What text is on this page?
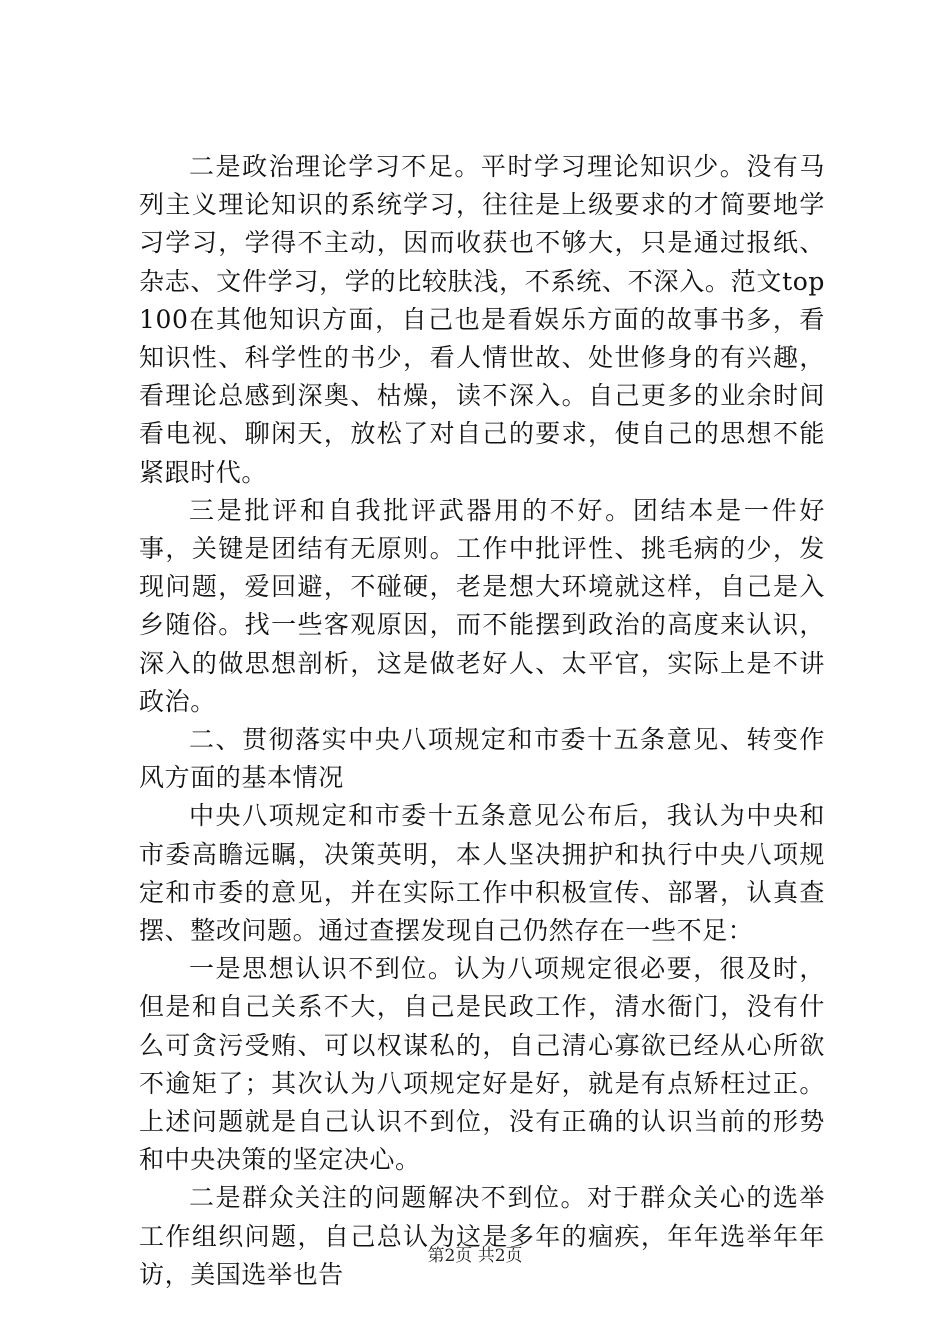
二是政治理论学习不足。平时学习理论知识少。没有马列主义理论知识的系统学习，往往是上级要求的才简要地学习学习，学得不主动，因而收获也不够大，只是通过报纸、杂志、文件学习，学的比较肤浅，不系统、不深入。范文top100在其他知识方面，自己也是看娱乐方面的故事书多，看知识性、科学性的书少，看人情世故、处世修身的有兴趣，看理论总感到深奥、枯燥，读不深入。自己更多的业余时间看电视、聊闲天，放松了对自己的要求，使自己的思想不能紧跟时代。

三是批评和自我批评武器用的不好。团结本是一件好事，关键是团结有无原则。工作中批评性、挑毛病的少，发现问题，爱回避，不碰硬，老是想大环境就这样，自己是入乡随俗。找一些客观原因，而不能摆到政治的高度来认识，深入的做思想剖析，这是做老好人、太平官，实际上是不讲政治。

二、贯彻落实中央八项规定和市委十五条意见、转变作风方面的基本情况

中央八项规定和市委十五条意见公布后，我认为中央和市委高瞻远瞩，决策英明，本人坚决拥护和执行中央八项规定和市委的意见，并在实际工作中积极宣传、部署，认真查摆、整改问题。通过查摆发现自己仍然存在一些不足：

一是思想认识不到位。认为八项规定很必要，很及时，但是和自己关系不大，自己是民政工作，清水衙门，没有什么可贪污受贿、可以权谋私的，自己清心寡欲已经从心所欲不逾矩了；其次认为八项规定好是好，就是有点矫枉过正。上述问题就是自己认识不到位，没有正确的认识当前的形势和中央决策的坚定决心。

二是群众关注的问题解决不到位。对于群众关心的选举工作组织问题，自己总认为这是多年的痼疾，年年选举年年访，美国选举也告

第2页 共2页
